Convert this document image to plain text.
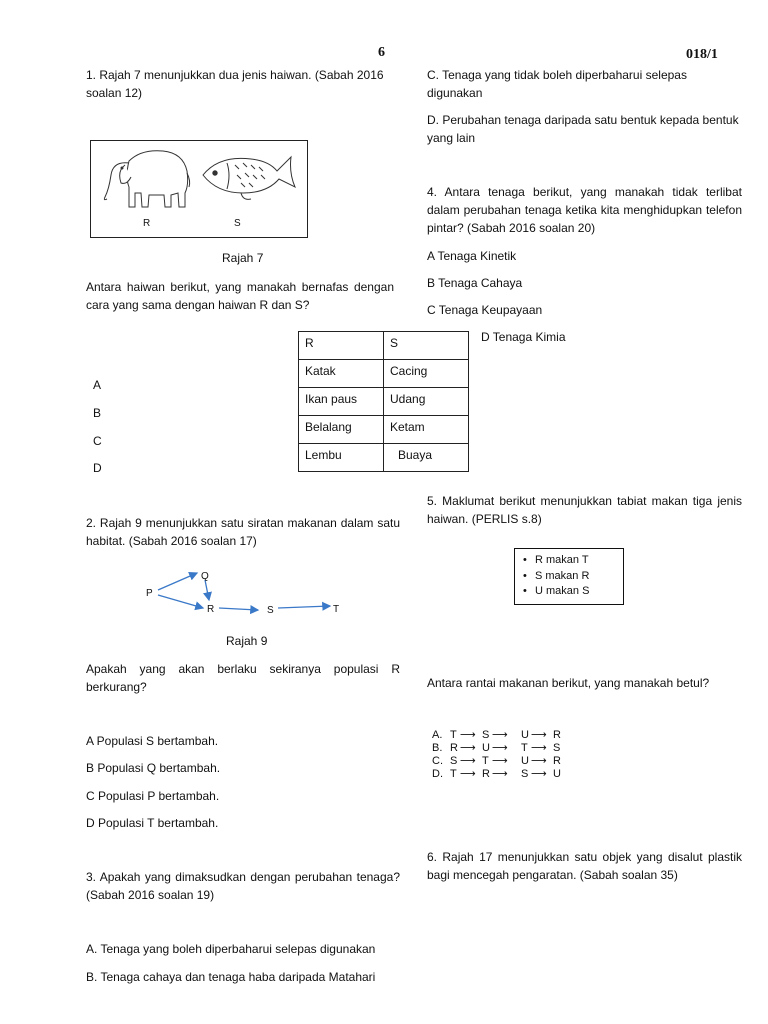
6	018/1
1. Rajah 7 menunjukkan dua jenis haiwan. (Sabah 2016 soalan 12)
R	S
Rajah 7
Antara haiwan berikut, yang manakah bernafas dengan cara yang sama dengan haiwan R dan S?
A
B
C
D
R	S
Katak	Cacing
Ikan paus	Udang
Belalang	Ketam
Lembu	Buaya
2. Rajah 9 menunjukkan satu siratan makanan dalam satu habitat. (Sabah 2016 soalan 17)
P
Q
R	S	T
Rajah 9
Apakah yang akan berlaku sekiranya populasi R berkurang?
A Populasi S bertambah.
B Populasi Q bertambah.
C Populasi P bertambah.
D Populasi T bertambah.
3. Apakah yang dimaksudkan dengan perubahan tenaga?(Sabah 2016 soalan 19)
A. Tenaga yang boleh diperbaharui selepas digunakan
B. Tenaga cahaya dan tenaga haba daripada Matahari
C. Tenaga yang tidak boleh diperbaharui selepas digunakan
D. Perubahan tenaga daripada satu bentuk kepada bentuk yang lain
4. Antara tenaga berikut, yang manakah tidak terlibat dalam perubahan tenaga ketika kita menghidupkan telefon pintar? (Sabah 2016 soalan 20)
A Tenaga Kinetik
B Tenaga Cahaya
C Tenaga Keupayaan
D Tenaga Kimia
5. Maklumat berikut menunjukkan tabiat makan tiga jenis haiwan. (PERLIS s.8)
• R makan T
• S makan R
• U makan S
Antara rantai makanan berikut, yang manakah betul?
A. T ⟶ S ⟶ U ⟶ R
B. R ⟶ U ⟶ T ⟶ S
C. S ⟶ T ⟶ U ⟶ R
D. T ⟶ R ⟶ S ⟶ U
6. Rajah 17 menunjukkan satu objek yang disalut plastik bagi mencegah pengaratan. (Sabah soalan 35)
